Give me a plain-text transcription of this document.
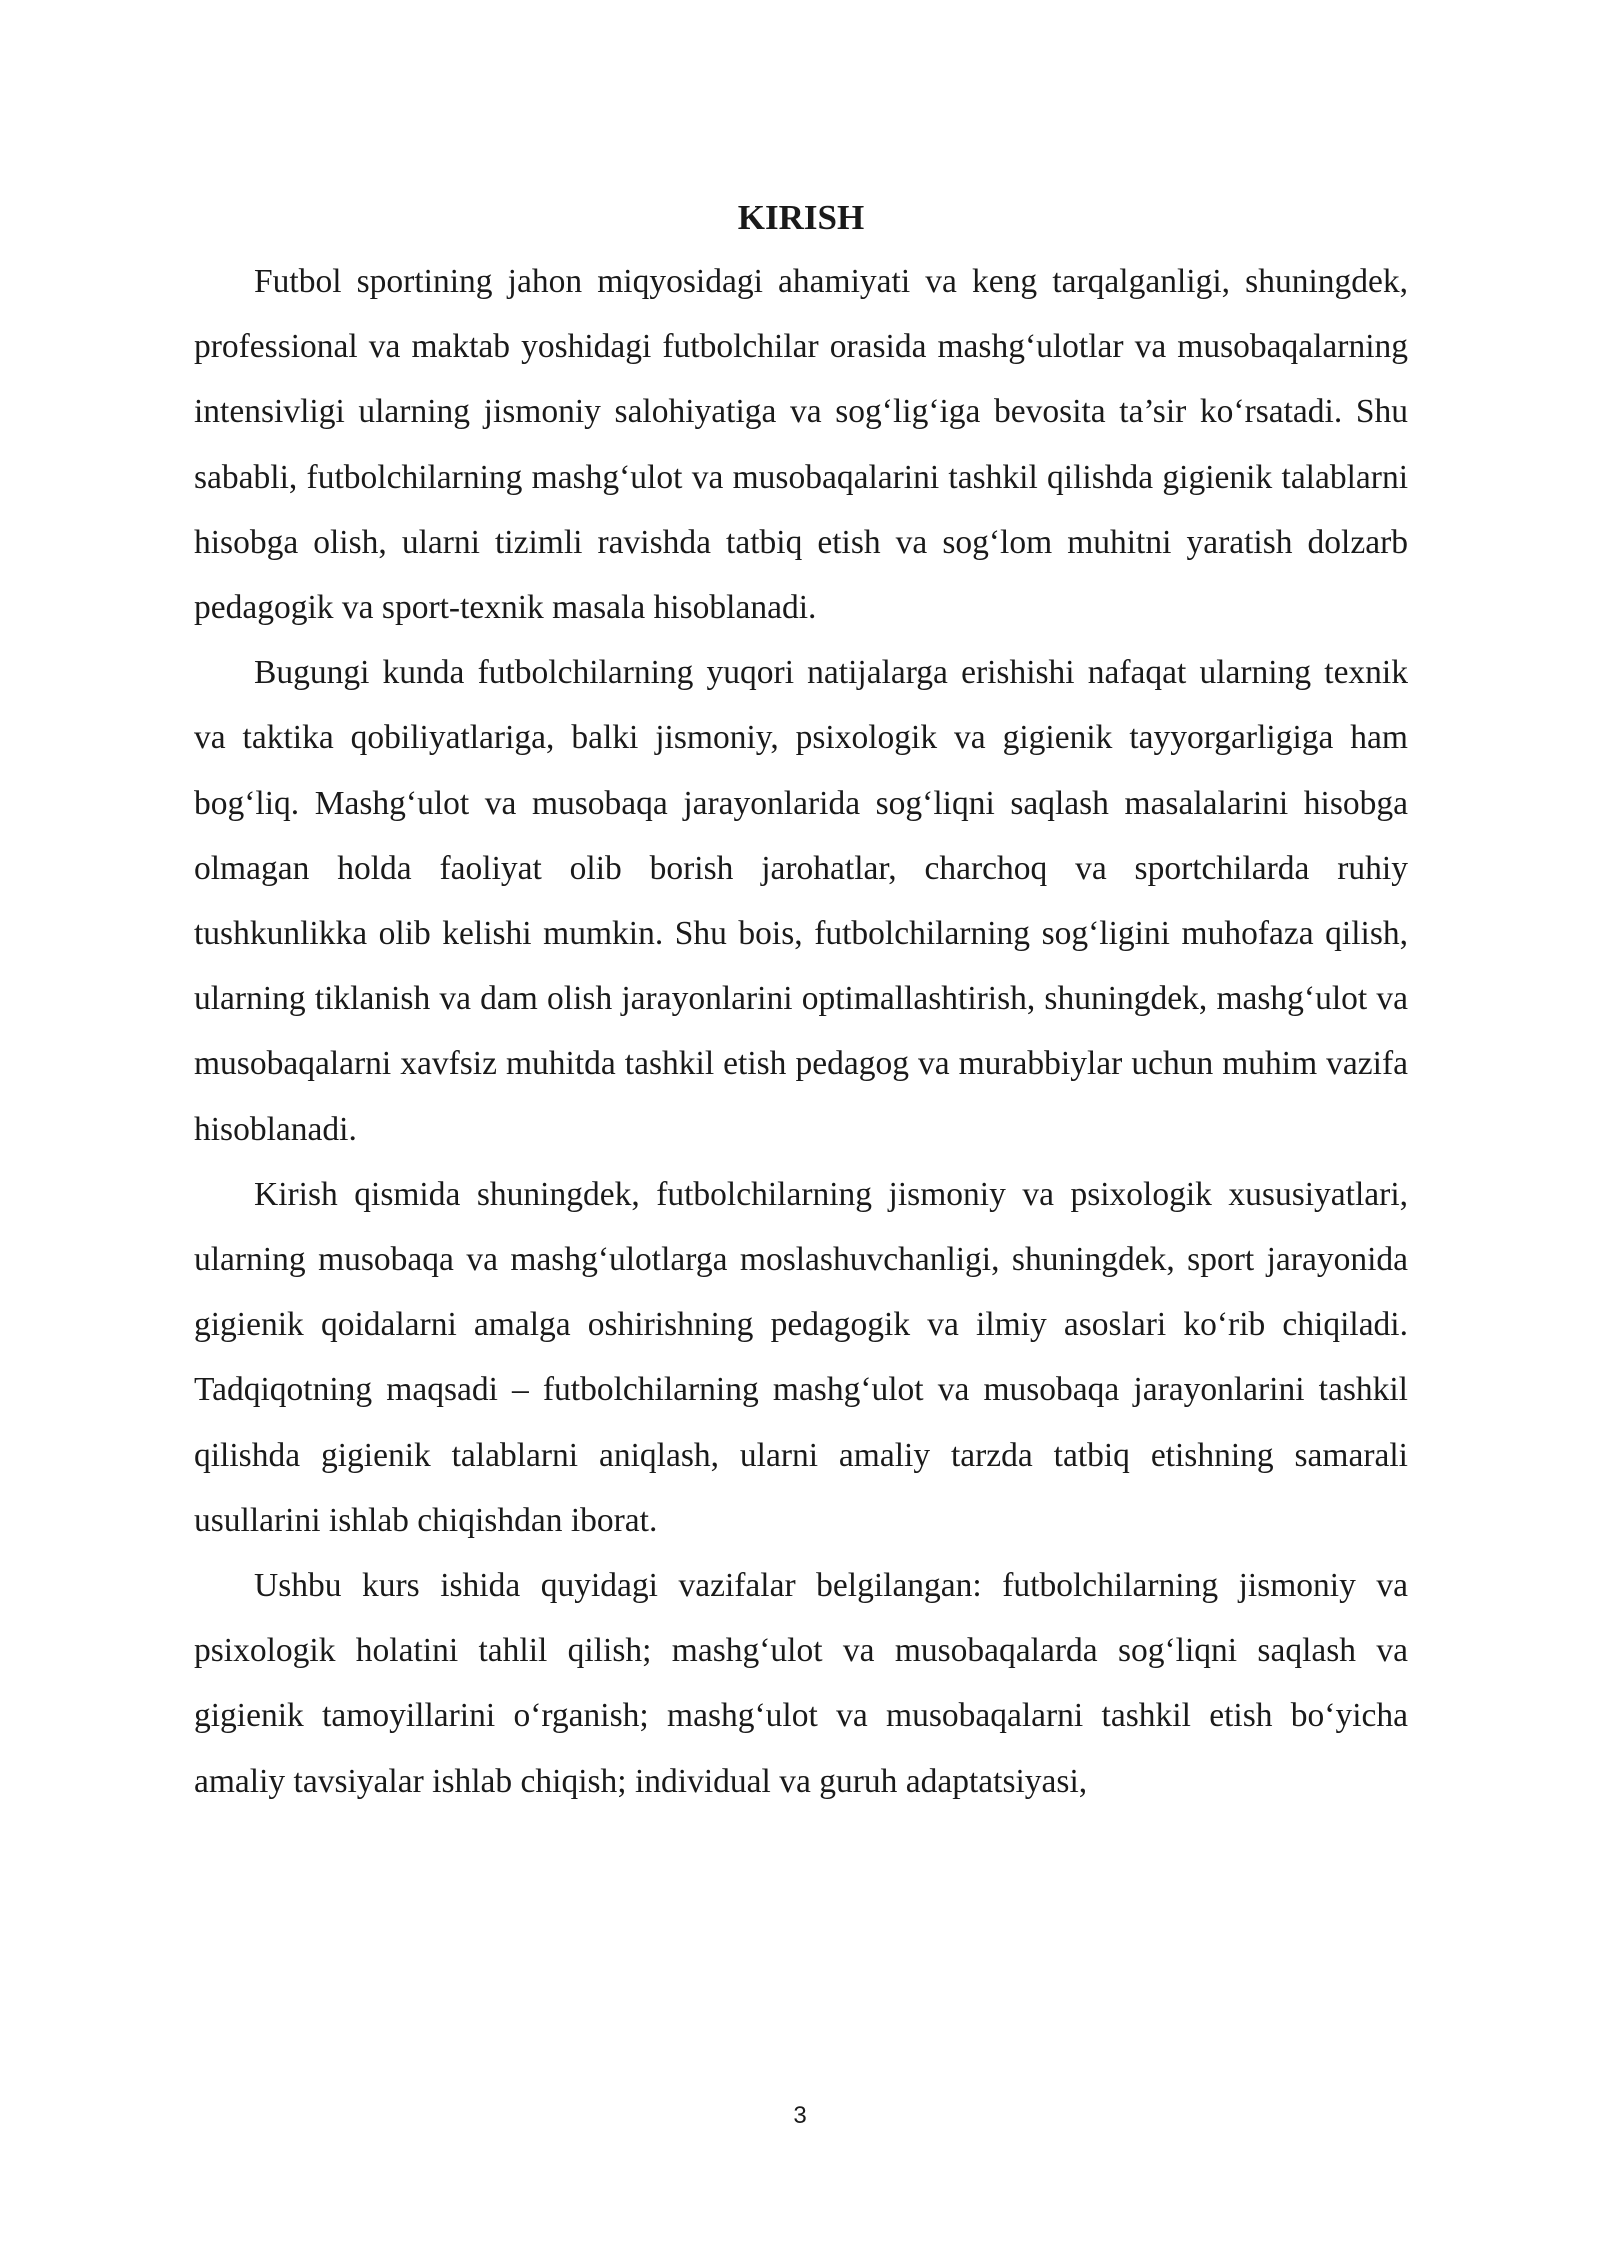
KIRISH

Futbol sportining jahon miqyosidagi ahamiyati va keng tarqalganligi, shuningdek, professional va maktab yoshidagi futbolchilar orasida mashg‘ulotlar va musobaqalarning intensivligi ularning jismoniy salohiyatiga va sog‘lig‘iga bevosita ta’sir ko‘rsatadi. Shu sababli, futbolchilarning mashg‘ulot va musobaqalarini tashkil qilishda gigienik talablarni hisobga olish, ularni tizimli ravishda tatbiq etish va sog‘lom muhitni yaratish dolzarb pedagogik va sport-texnik masala hisoblanadi.

Bugungi kunda futbolchilarning yuqori natijalarga erishishi nafaqat ularning texnik va taktika qobiliyatlariga, balki jismoniy, psixologik va gigienik tayyorgarligiga ham bog‘liq. Mashg‘ulot va musobaqa jarayonlarida sog‘liqni saqlash masalalarini hisobga olmagan holda faoliyat olib borish jarohatlar, charchoq va sportchilarda ruhiy tushkunlikka olib kelishi mumkin. Shu bois, futbolchilarning sog‘ligini muhofaza qilish, ularning tiklanish va dam olish jarayonlarini optimallashtirish, shuningdek, mashg‘ulot va musobaqalarni xavfsiz muhitda tashkil etish pedagog va murabbiylar uchun muhim vazifa hisoblanadi.

Kirish qismida shuningdek, futbolchilarning jismoniy va psixologik xususiyatlari, ularning musobaqa va mashg‘ulotlarga moslashuvchanligi, shuningdek, sport jarayonida gigienik qoidalarni amalga oshirishning pedagogik va ilmiy asoslari ko‘rib chiqiladi. Tadqiqotning maqsadi – futbolchilarning mashg‘ulot va musobaqa jarayonlarini tashkil qilishda gigienik talablarni aniqlash, ularni amaliy tarzda tatbiq etishning samarali usullarini ishlab chiqishdan iborat.

Ushbu kurs ishida quyidagi vazifalar belgilangan: futbolchilarning jismoniy va psixologik holatini tahlil qilish; mashg‘ulot va musobaqalarda sog‘liqni saqlash va gigienik tamoyillarini o‘rganish; mashg‘ulot va musobaqalarni tashkil etish bo‘yicha amaliy tavsiyalar ishlab chiqish; individual va guruh adaptatsiyasi,

3
